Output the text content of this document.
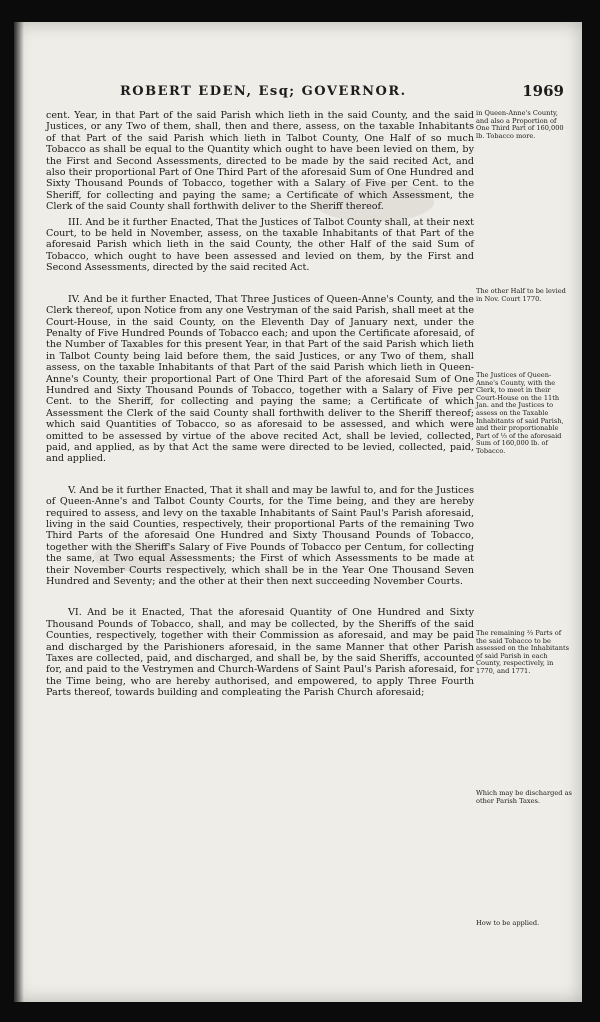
ROBERT EDEN, Esq; GOVERNOR.	1969

cent. Year, in that Part of the said Parish which lieth in the said County, and the said Justices, or any Two of them, shall, then and there, assess, on the taxable Inhabitants of that Part of the said Parish which lieth in Talbot County, One Half of so much Tobacco as shall be equal to the Quantity which ought to have been levied on them, by the First and Second Assessments, directed to be made by the said recited Act, and also their proportional Part of One Third Part of the aforesaid Sum of One Hundred and Sixty Thousand Pounds of Tobacco, together with a Salary of Five per Cent. to the Sheriff, for collecting and paying the same; a Certificate of which Assessment, the Clerk of the said County shall forthwith deliver to the Sheriff thereof.

III. And be it further Enacted, That the Justices of Talbot County shall, at their next Court, to be held in November, assess, on the taxable Inhabitants of that Part of the aforesaid Parish which lieth in the said County, the other Half of the said Sum of Tobacco, which ought to have been assessed and levied on them, by the First and Second Assessments, directed by the said recited Act.

IV. And be it further Enacted, That Three Justices of Queen-Anne's County, and the Clerk thereof, upon Notice from any one Vestryman of the said Parish, shall meet at the Court-House, in the said County, on the Eleventh Day of January next, under the Penalty of Five Hundred Pounds of Tobacco each; and upon the Certificate aforesaid, of the Number of Taxables for this present Year, in that Part of the said Parish which lieth in Talbot County being laid before them, the said Justices, or any Two of them, shall assess, on the taxable Inhabitants of that Part of the said Parish which lieth in Queen-Anne's County, their proportional Part of One Third Part of the aforesaid Sum of One Hundred and Sixty Thousand Pounds of Tobacco, together with a Salary of Five per Cent. to the Sheriff, for collecting and paying the same; a Certificate of which Assessment the Clerk of the said County shall forthwith deliver to the Sheriff thereof; which said Quantities of Tobacco, so as aforesaid to be assessed, and which were omitted to be assessed by virtue of the above recited Act, shall be levied, collected, paid, and applied, as by that Act the same were directed to be levied, collected, paid, and applied.

V. And be it further Enacted, That it shall and may be lawful to, and for the Justices of Queen-Anne's and Talbot County Courts, for the Time being, and they are hereby required to assess, and levy on the taxable Inhabitants of Saint Paul's Parish aforesaid, living in the said Counties, respectively, their proportional Parts of the remaining Two Third Parts of the aforesaid One Hundred and Sixty Thousand Pounds of Tobacco, together with the Sheriff's Salary of Five Pounds of Tobacco per Centum, for collecting the same, at Two equal Assessments; the First of which Assessments to be made at their November Courts respectively, which shall be in the Year One Thousand Seven Hundred and Seventy; and the other at their then next succeeding November Courts.

VI. And be it Enacted, That the aforesaid Quantity of One Hundred and Sixty Thousand Pounds of Tobacco, shall, and may be collected, by the Sheriffs of the said Counties, respectively, together with their Commission as aforesaid, and may be paid and discharged by the Parishioners aforesaid, in the same Manner that other Parish Taxes are collected, paid, and discharged, and shall be, by the said Sheriffs, accounted for, and paid to the Vestrymen and Church-Wardens of Saint Paul's Parish aforesaid, for the Time being, who are hereby authorised, and empowered, to apply Three Fourth Parts thereof, towards building and compleating the Parish Church aforesaid;

in Queen-Anne's County, and also a Proportion of One Third Part of 160,000 lb. Tobacco more.
The other Half to be levied in Nov. Court 1770.
The Justices of Queen-Anne's County, with the Clerk, to meet in their Court-House on the 11th Jan. and the Justices to assess on the Taxable Inhabitants of said Parish, and their proportionable Part of ⅓ of the aforesaid Sum of 160,000 lb. of Tobacco.
The remaining ⅔ Parts of the said Tobacco to be assessed on the Inhabitants of said Parish in each County, respectively, in 1770, and 1771.
Which may be discharged as other Parish Taxes.
How to be applied.
